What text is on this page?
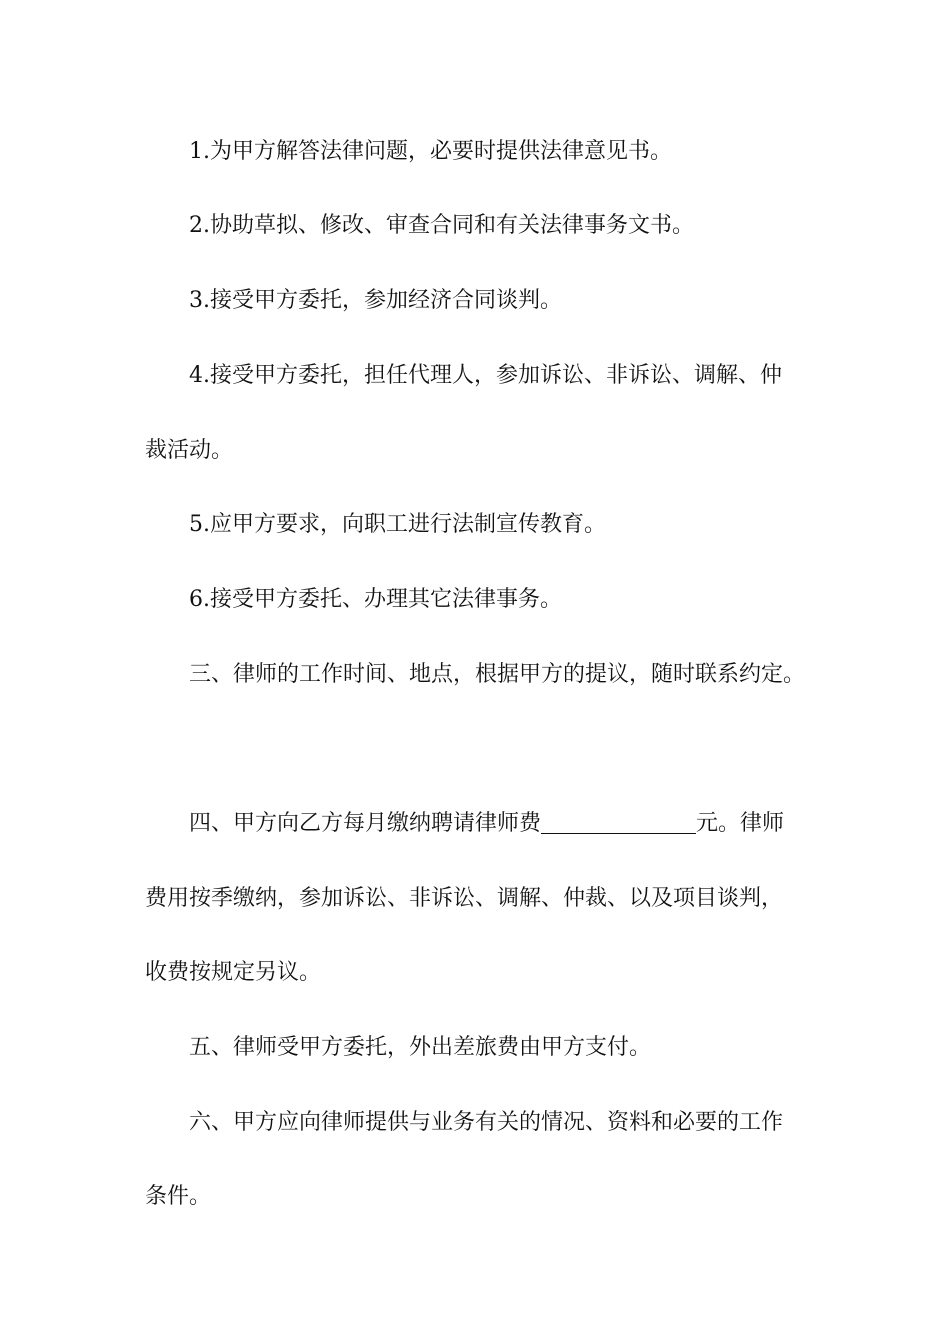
1.为甲方解答法律问题，必要时提供法律意见书。
2.协助草拟、修改、审查合同和有关法律事务文书。
3.接受甲方委托，参加经济合同谈判。
4.接受甲方委托，担任代理人，参加诉讼、非诉讼、调解、仲
裁活动。
5.应甲方要求，向职工进行法制宣传教育。
6.接受甲方委托、办理其它法律事务。
三、律师的工作时间、地点，根据甲方的提议，随时联系约定。
四、甲方向乙方每月缴纳聘请律师费	元。律师
费用按季缴纳，参加诉讼、非诉讼、调解、仲裁、以及项目谈判，
收费按规定另议。
五、律师受甲方委托，外出差旅费由甲方支付。
六、甲方应向律师提供与业务有关的情况、资料和必要的工作
条件。
